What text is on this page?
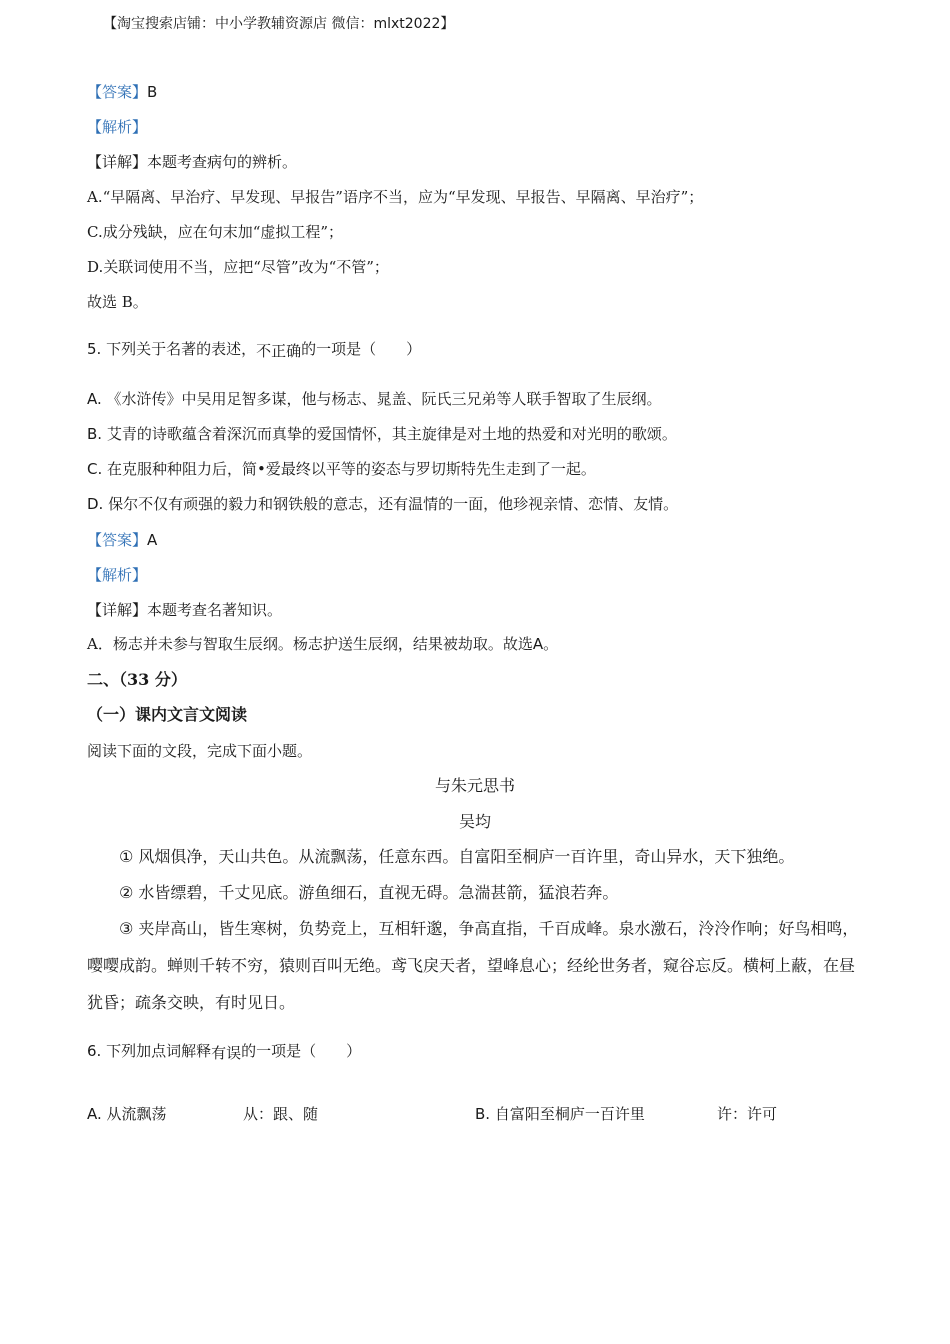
【淘宝搜索店铺：中小学教辅资源店 微信：mlxt2022】
【答案】B
【解析】
【详解】本题考查病句的辨析。
A.“早隔离、早治疗、早发现、早报告”语序不当，应为“早发现、早报告、早隔离、早治疗”；
C.成分残缺，应在句末加“虚拟工程”；
D.关联词使用不当，应把“尽管”改为“不管”；
故选 B。
5. 下列关于名著的表述，不正确的一项是（　　）
A. 《水浒传》中吴用足智多谋，他与杨志、晁盖、阮氏三兄弟等人联手智取了生辰纲。
B. 艾青的诗歌蕴含着深沉而真挚的爱国情怀，其主旋律是对土地的热爱和对光明的歌颂。
C. 在克服种种阻力后，简•爱最终以平等的姿态与罗切斯特先生走到了一起。
D. 保尔不仅有顽强的毅力和钢铁般的意志，还有温情的一面，他珍视亲情、恋情、友情。
【答案】A
【解析】
【详解】本题考查名著知识。
A．杨志并未参与智取生辰纲。杨志护送生辰纲，结果被劫取。故选A。
二、（33 分）
（一）课内文言文阅读
阅读下面的文段，完成下面小题。
与朱元思书
吴均
① 风烟俱净，天山共色。从流飘荡，任意东西。自富阳至桐庐一百许里，奇山异水，天下独绝。
② 水皆缥碧，千丈见底。游鱼细石，直视无碍。急湍甚箭，猛浪若奔。
③ 夹岸高山，皆生寒树，负势竞上，互相轩邈，争高直指，千百成峰。泉水激石，泠泠作响；好鸟相鸣，嘤嘤成韵。蝉则千转不穷，猿则百叫无绝。鸢飞戾天者，望峰息心；经纶世务者，窥谷忘反。横柯上蔽，在昼犹昏；疏条交映，有时见日。
6. 下列加点词解释有误的一项是（　　）
A. 从流飘荡	从：跟、随	B. 自富阳至桐庐一百许里	许：许可
